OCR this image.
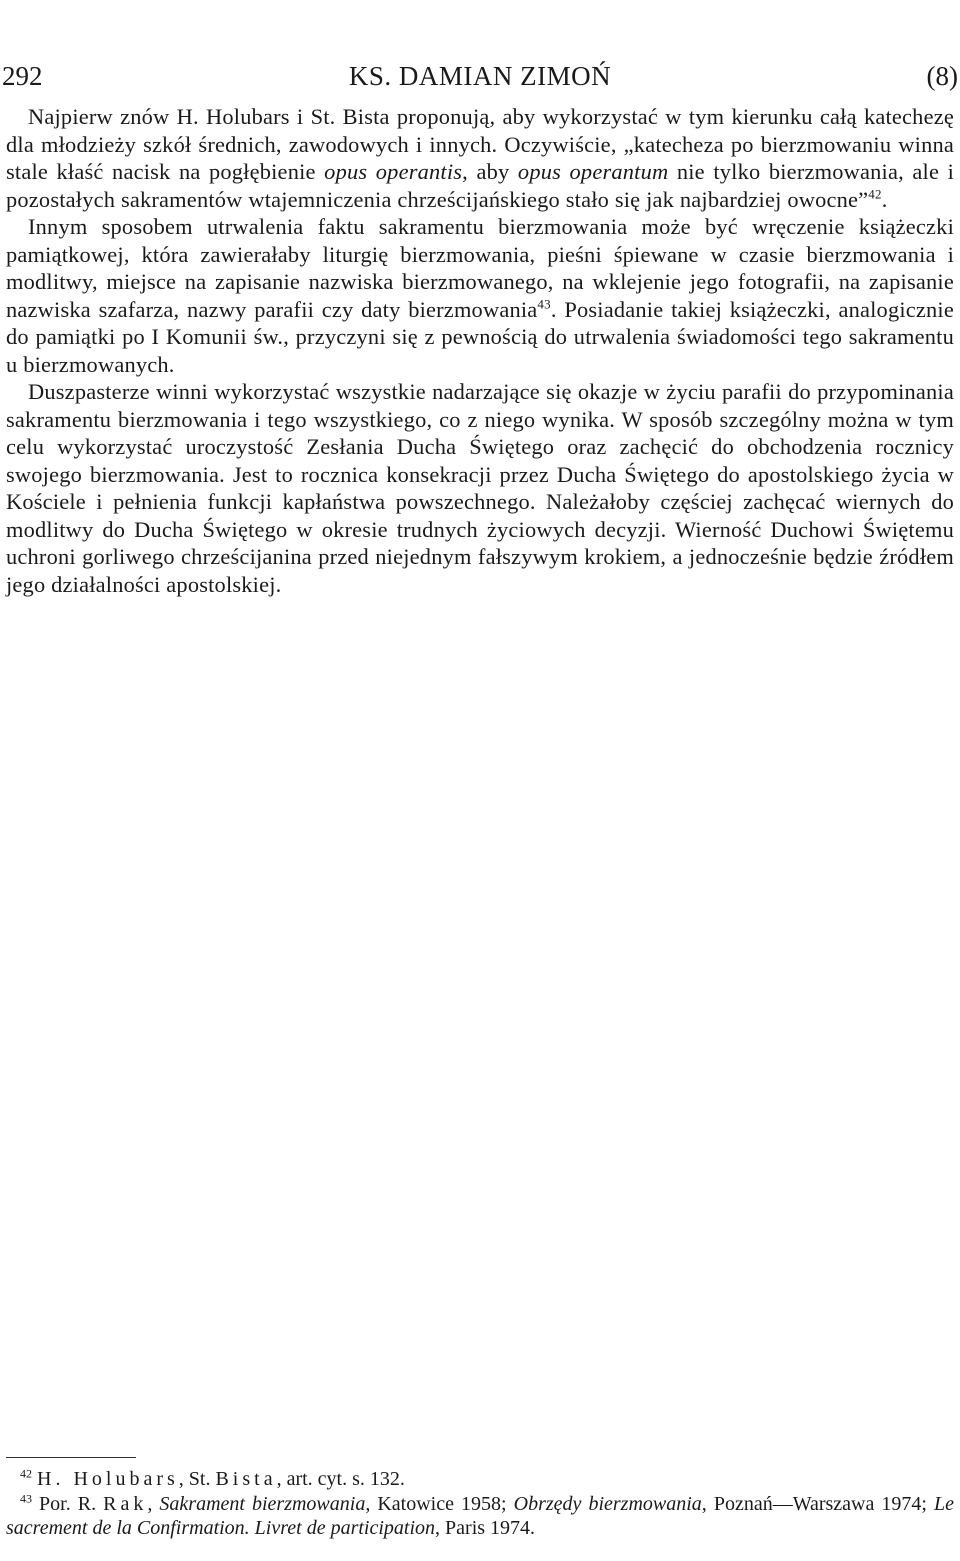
292	KS. DAMIAN ZIMOŃ	(8)

Najpierw znów H. Holubars i St. Bista proponują, aby wykorzystać w tym kierunku całą katechezę dla młodzieży szkół średnich, zawodowych i innych. Oczywiście, „katecheza po bierzmowaniu winna stale kłaść nacisk na pogłębienie opus operantis, aby opus operantum nie tylko bierzmowania, ale i pozostałych sakramentów wtajemniczenia chrześcijańskiego stało się jak najbardziej owocne”$^{42}$.

Innym sposobem utrwalenia faktu sakramentu bierzmowania może być wręczenie książeczki pamiątkowej, która zawierałaby liturgię bierzmowania, pieśni śpiewane w czasie bierzmowania i modlitwy, miejsce na zapisanie nazwiska bierzmowanego, na wklejenie jego fotografii, na zapisanie nazwiska szafarza, nazwy parafii czy daty bierzmowania$^{43}$. Posiadanie takiej książeczki, analogicznie do pamiątki po I Komunii św., przyczyni się z pewnością do utrwalenia świadomości tego sakramentu u bierzmowanych.

Duszpasterze winni wykorzystać wszystkie nadarzające się okazje w życiu parafii do przypominania sakramentu bierzmowania i tego wszystkiego, co z niego wynika. W sposób szczególny można w tym celu wykorzystać uroczystość Zesłania Ducha Świętego oraz zachęcić do obchodzenia rocznicy swojego bierzmowania. Jest to rocznica konsekracji przez Ducha Świętego do apostolskiego życia w Kościele i pełnienia funkcji kapłaństwa powszechnego. Należałoby częściej zachęcać wiernych do modlitwy do Ducha Świętego w okresie trudnych życiowych decyzji. Wierność Duchowi Świętemu uchroni gorliwego chrześcijanina przed niejednym fałszywym krokiem, a jednocześnie będzie źródłem jego działalności apostolskiej.

$^{42}$ H. Holubars, St. Bista, art. cyt. s. 132.

$^{43}$ Por. R. Rak, Sakrament bierzmowania, Katowice 1958; Obrzędy bierzmowania, Poznań—Warszawa 1974; Le sacrement de la Confirmation. Livret de participation, Paris 1974.
